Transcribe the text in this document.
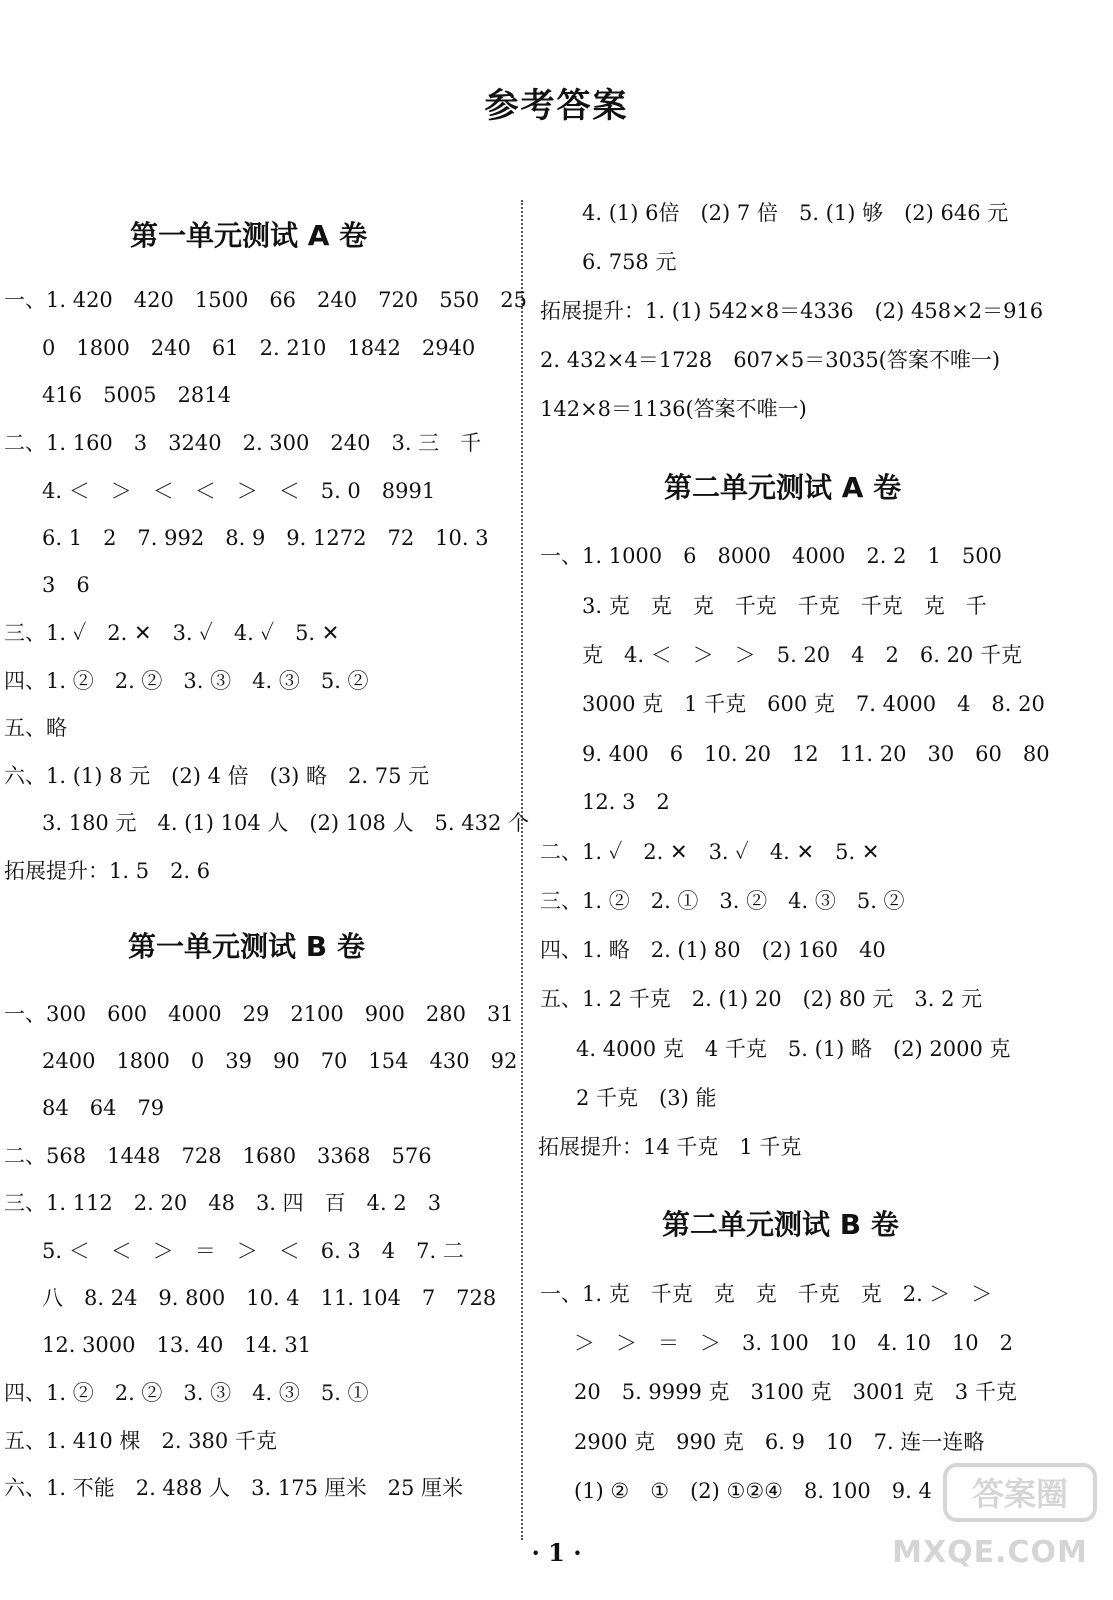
参考答案
第一单元测试 A 卷
一、1. 420　420　1500　66　240　720　550　25
0　1800　240　61　2. 210　1842　2940
416　5005　2814
二、1. 160　3　3240　2. 300　240　3. 三　千
4. ＜　＞　＜　＜　＞　＜　5. 0　8991
6. 1　2　7. 992　8. 9　9. 1272　72　10. 3
3　6
三、1. ✓　2. ✕　3. ✓　4. ✓　5. ✕
四、1. ②　2. ②　3. ③　4. ③　5. ②
五、略
六、1. (1) 8 元　(2) 4 倍　(3) 略　2. 75 元
3. 180 元　4. (1) 104 人　(2) 108 人　5. 432 个
拓展提升：1. 5　2. 6
第一单元测试 B 卷
一、300　600　4000　29　2100　900　280　31
2400　1800　0　39　90　70　154　430　92
84　64　79
二、568　1448　728　1680　3368　576
三、1. 112　2. 20　48　3. 四　百　4. 2　3
5. ＜　＜　＞　＝　＞　＜　6. 3　4　7. 二
八　8. 24　9. 800　10. 4　11. 104　7　728
12. 3000　13. 40　14. 31
四、1. ②　2. ②　3. ③　4. ③　5. ①
五、1. 410 棵　2. 380 千克
六、1. 不能　2. 488 人　3. 175 厘米　25 厘米
4. (1) 6倍　(2) 7 倍　5. (1) 够　(2) 646 元
6. 758 元
拓展提升：1. (1) 542×8＝4336　(2) 458×2＝916
2. 432×4＝1728　607×5＝3035(答案不唯一)
142×8＝1136(答案不唯一)
第二单元测试 A 卷
一、1. 1000　6　8000　4000　2. 2　1　500
3. 克　克　克　千克　千克　千克　克　千
克　4. ＜　＞　＞　5. 20　4　2　6. 20 千克
3000 克　1 千克　600 克　7. 4000　4　8. 20
9. 400　6　10. 20　12　11. 20　30　60　80
12. 3　2
二、1. ✓　2. ✕　3. ✓　4. ✕　5. ✕
三、1. ②　2. ①　3. ②　4. ③　5. ②
四、1. 略　2. (1) 80　(2) 160　40
五、1. 2 千克　2. (1) 20　(2) 80 元　3. 2 元
4. 4000 克　4 千克　5. (1) 略　(2) 2000 克
2 千克　(3) 能
拓展提升：14 千克　1 千克
第二单元测试 B 卷
一、1. 克　千克　克　克　千克　克　2. ＞　＞
＞　＞　＝　＞　3. 100　10　4. 10　10　2
20　5. 9999 克　3100 克　3001 克　3 千克
2900 克　990 克　6. 9　10　7. 连一连略
(1) ②　①　(2) ①②④　8. 100　9. 4
· 1 ·
答案圈
MXQE.COM
